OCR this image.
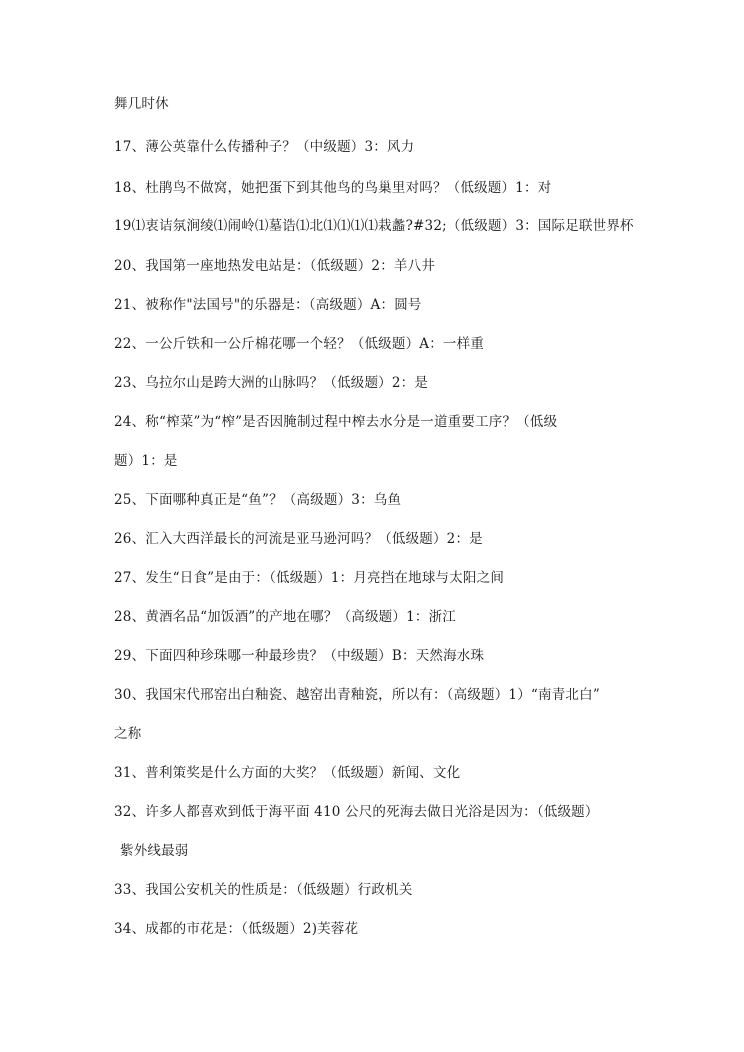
舞几时休
17、薄公英靠什么传播种子？（中级题）3：风力
18、杜鹃鸟不做窝，她把蛋下到其他鸟的鸟巢里对吗？（低级题）1：对
19⑴衷诘氛涧绫⑴闹岭⑴墓诰⑴北⑴⑴⑴⑴栽蠡?#32;（低级题）3：国际足联世界杯
20、我国第一座地热发电站是：（低级题）2：羊八井
21、被称作"法国号"的乐器是：（高级题）A：圆号
22、一公斤铁和一公斤棉花哪一个轻？（低级题）A：一样重
23、乌拉尔山是跨大洲的山脉吗？（低级题）2：是
24、称“榨菜”为“榨”是否因腌制过程中榨去水分是一道重要工序？（低级
题）1：是
25、下面哪种真正是“鱼”？（高级题）3：乌鱼
26、汇入大西洋最长的河流是亚马逊河吗？（低级题）2：是
27、发生“日食”是由于：（低级题）1：月亮挡在地球与太阳之间
28、黄酒名品“加饭酒”的产地在哪？（高级题）1：浙江
29、下面四种珍珠哪一种最珍贵？（中级题）B：天然海水珠
30、我国宋代邢窑出白釉瓷、越窑出青釉瓷，所以有：（高级题）1）“南青北白”
之称
31、普利策奖是什么方面的大奖？（低级题）新闻、文化
32、许多人都喜欢到低于海平面 410 公尺的死海去做日光浴是因为：（低级题）
紫外线最弱
33、我国公安机关的性质是：（低级题）行政机关
34、成都的市花是：（低级题）2)芙蓉花
